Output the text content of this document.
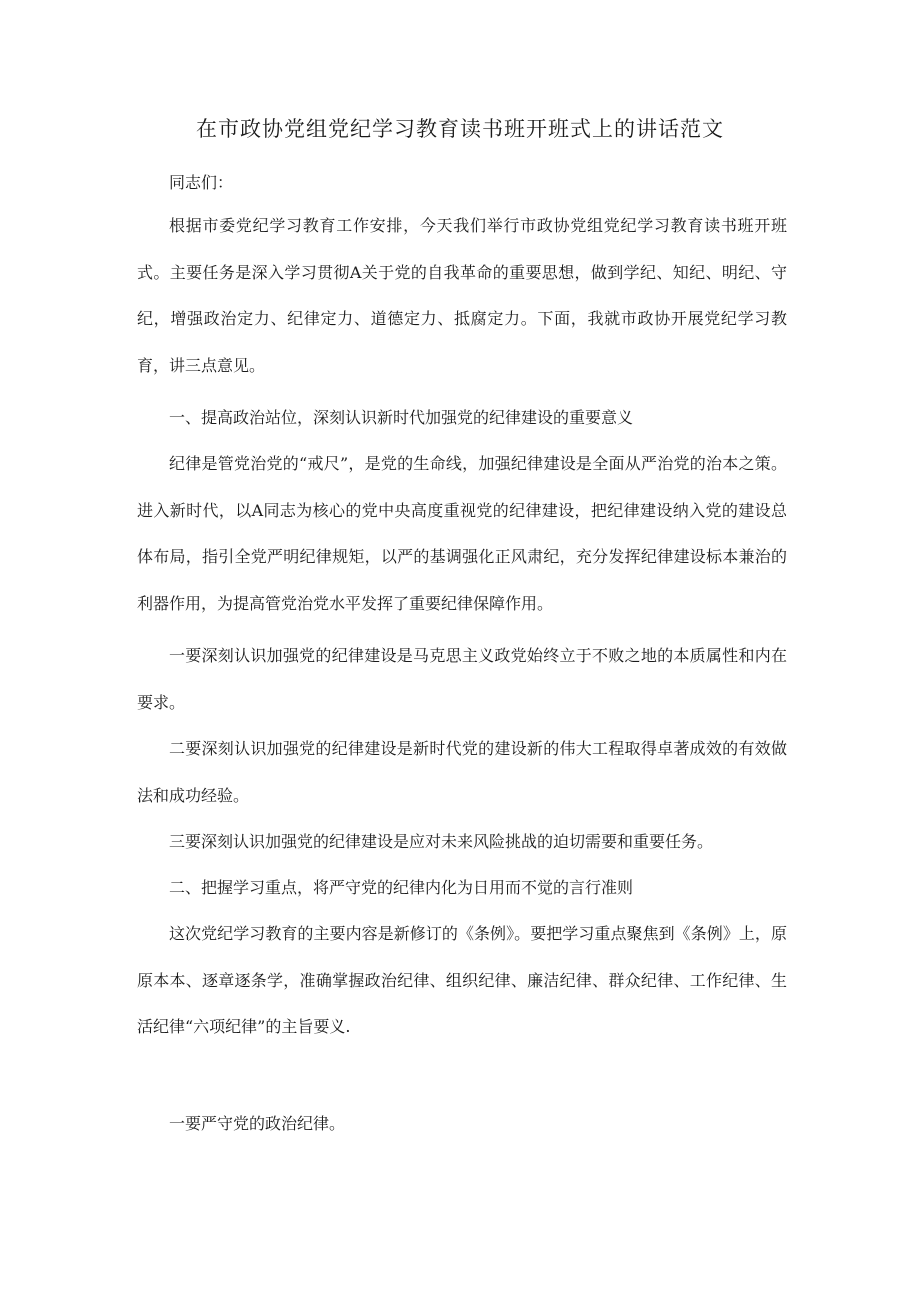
在市政协党组党纪学习教育读书班开班式上的讲话范文

同志们：

根据市委党纪学习教育工作安排，今天我们举行市政协党组党纪学习教育读书班开班式。主要任务是深入学习贯彻A关于党的自我革命的重要思想，做到学纪、知纪、明纪、守纪，增强政治定力、纪律定力、道德定力、抵腐定力。下面，我就市政协开展党纪学习教育，讲三点意见。

一、提高政治站位，深刻认识新时代加强党的纪律建设的重要意义

纪律是管党治党的“戒尺”，是党的生命线，加强纪律建设是全面从严治党的治本之策。进入新时代，以A同志为核心的党中央高度重视党的纪律建设，把纪律建设纳入党的建设总体布局，指引全党严明纪律规矩，以严的基调强化正风肃纪，充分发挥纪律建设标本兼治的利器作用，为提高管党治党水平发挥了重要纪律保障作用。

一要深刻认识加强党的纪律建设是马克思主义政党始终立于不败之地的本质属性和内在要求。

二要深刻认识加强党的纪律建设是新时代党的建设新的伟大工程取得卓著成效的有效做法和成功经验。

三要深刻认识加强党的纪律建设是应对未来风险挑战的迫切需要和重要任务。

二、把握学习重点，将严守党的纪律内化为日用而不觉的言行准则

这次党纪学习教育的主要内容是新修订的《条例》。要把学习重点聚焦到《条例》上，原原本本、逐章逐条学，准确掌握政治纪律、组织纪律、廉洁纪律、群众纪律、工作纪律、生活纪律“六项纪律”的主旨要义.

一要严守党的政治纪律。
